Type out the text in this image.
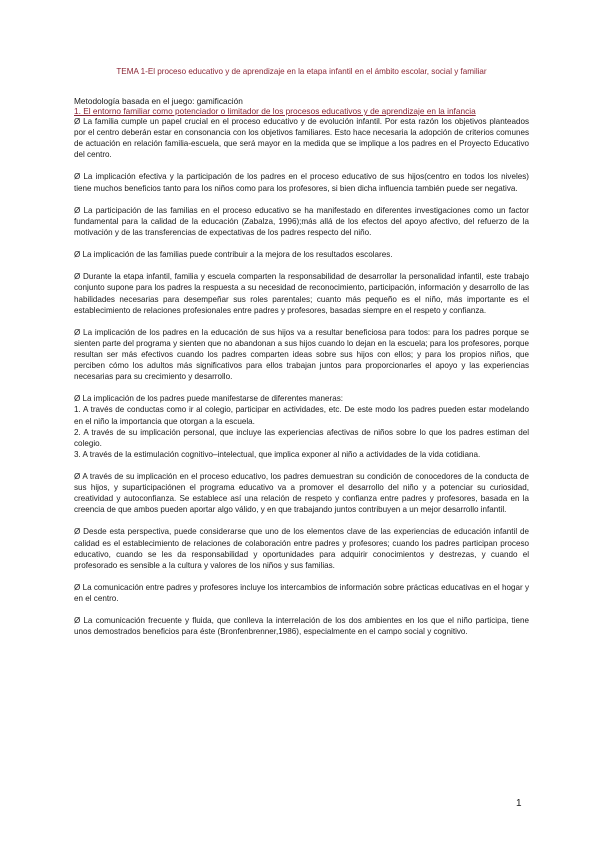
TEMA 1-El proceso educativo y de aprendizaje en la etapa infantil en el ámbito escolar, social y familiar

Metodología basada en el juego: gamificación

1. El entorno familiar como potenciador o limitador de los procesos educativos y de aprendizaje en la infancia

Ø La familia cumple un papel crucial en el proceso educativo y de evolución infantil. Por esta razón los objetivos planteados por el centro deberán estar en consonancia con los objetivos familiares. Esto hace necesaria la adopción de criterios comunes de actuación en relación familia-escuela, que será mayor en la medida que se implique a los padres en el Proyecto Educativo del centro.

Ø La implicación efectiva y la participación de los padres en el proceso educativo de sus hijos(centro en todos los niveles) tiene muchos beneficios tanto para los niños como para los profesores, si bien dicha influencia también puede ser negativa.

Ø La participación de las familias en el proceso educativo se ha manifestado en diferentes investigaciones como un factor fundamental para la calidad de la educación (Zabalza, 1996);más allá de los efectos del apoyo afectivo, del refuerzo de la motivación y de las transferencias de expectativas de los padres respecto del niño.

Ø La implicación de las familias puede contribuir a la mejora de los resultados escolares.

Ø Durante la etapa infantil, familia y escuela comparten la responsabilidad de desarrollar la personalidad infantil, este trabajo conjunto supone para los padres la respuesta a su necesidad de reconocimiento, participación, información y desarrollo de las habilidades necesarias para desempeñar sus roles parentales; cuanto más pequeño es el niño, más importante es el establecimiento de relaciones profesionales entre padres y profesores, basadas siempre en el respeto y confianza.

Ø La implicación de los padres en la educación de sus hijos va a resultar beneficiosa para todos: para los padres porque se sienten parte del programa y sienten que no abandonan a sus hijos cuando lo dejan en la escuela; para los profesores, porque resultan ser más efectivos cuando los padres comparten ideas sobre sus hijos con ellos; y para los propios niños, que perciben cómo los adultos más significativos para ellos trabajan juntos para proporcionarles el apoyo y las experiencias necesarias para su crecimiento y desarrollo.

Ø La implicación de los padres puede manifestarse de diferentes maneras:

1. A través de conductas como ir al colegio, participar en actividades, etc. De este modo los padres pueden estar modelando en el niño la importancia que otorgan a la escuela.

2. A través de su implicación personal, que incluye las experiencias afectivas de niños sobre lo que los padres estiman del colegio.

3. A través de la estimulación cognitivo–intelectual, que implica exponer al niño a actividades de la vida cotidiana.

Ø A través de su implicación en el proceso educativo, los padres demuestran su condición de conocedores de la conducta de sus hijos, y suparticipaciónen el programa educativo va a promover el desarrollo del niño y a potenciar su curiosidad, creatividad y autoconfianza. Se establece así una relación de respeto y confianza entre padres y profesores, basada en la creencia de que ambos pueden aportar algo válido, y en que trabajando juntos contribuyen a un mejor desarrollo infantil.

Ø Desde esta perspectiva, puede considerarse que uno de los elementos clave de las experiencias de educación infantil de calidad es el establecimiento de relaciones de colaboración entre padres y profesores; cuando los padres participan proceso educativo, cuando se les da responsabilidad y oportunidades para adquirir conocimientos y destrezas, y cuando el profesorado es sensible a la cultura y valores de los niños y sus familias.

Ø La comunicación entre padres y profesores incluye los intercambios de información sobre prácticas educativas en el hogar y en el centro.

Ø La comunicación frecuente y fluida, que conlleva la interrelación de los dos ambientes en los que el niño participa, tiene unos demostrados beneficios para éste (Bronfenbrenner,1986), especialmente en el campo social y cognitivo.

1
